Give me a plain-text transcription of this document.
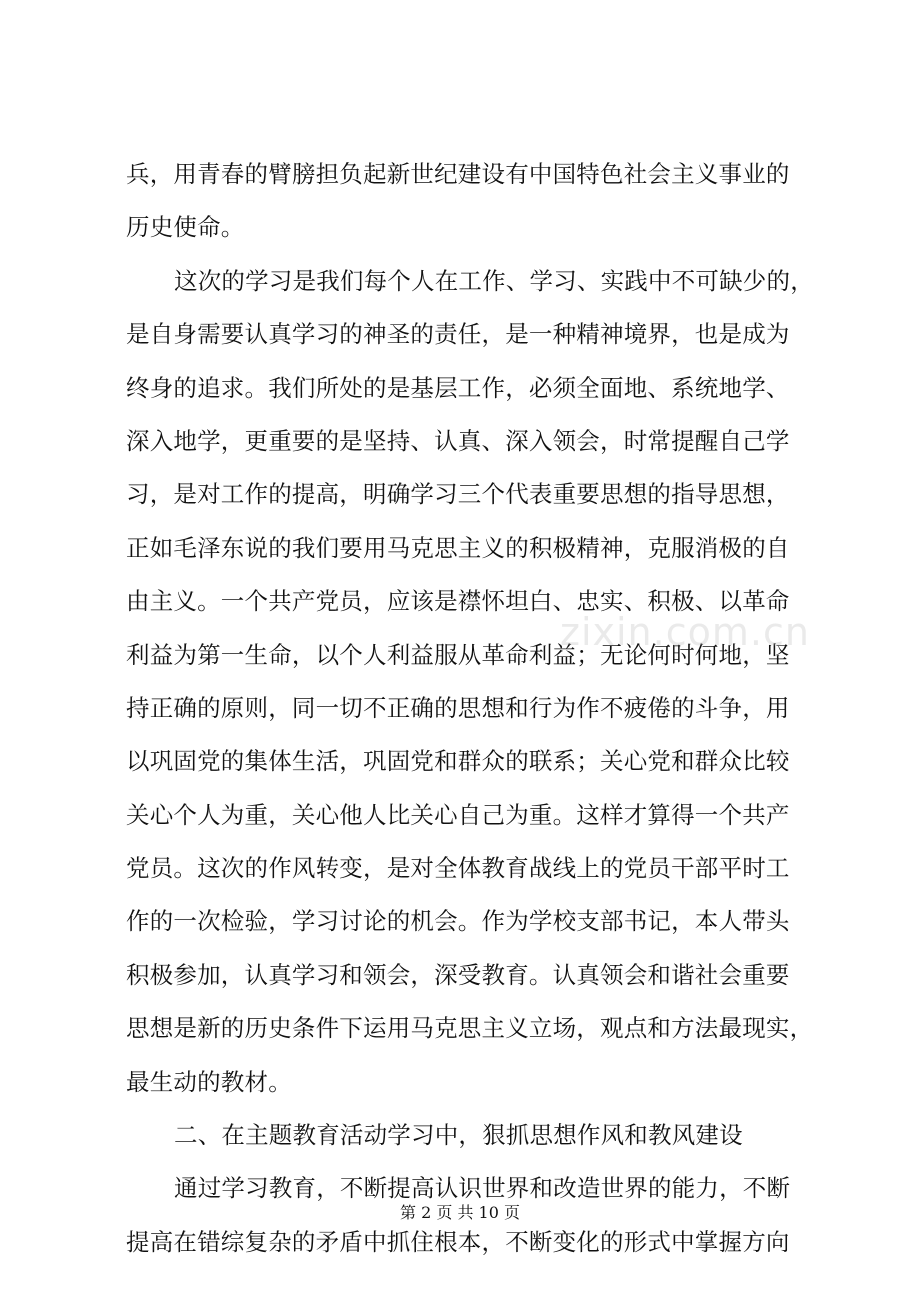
兵，用青春的臂膀担负起新世纪建设有中国特色社会主义事业的
历史使命。
这次的学习是我们每个人在工作、学习、实践中不可缺少的，
是自身需要认真学习的神圣的责任，是一种精神境界，也是成为
终身的追求。我们所处的是基层工作，必须全面地、系统地学、
深入地学，更重要的是坚持、认真、深入领会，时常提醒自己学
习，是对工作的提高，明确学习三个代表重要思想的指导思想，
正如毛泽东说的我们要用马克思主义的积极精神，克服消极的自
由主义。一个共产党员，应该是襟怀坦白、忠实、积极、以革命
利益为第一生命，以个人利益服从革命利益；无论何时何地，坚
持正确的原则，同一切不正确的思想和行为作不疲倦的斗争，用
以巩固党的集体生活，巩固党和群众的联系；关心党和群众比较
关心个人为重，关心他人比关心自己为重。这样才算得一个共产
党员。这次的作风转变，是对全体教育战线上的党员干部平时工
作的一次检验，学习讨论的机会。作为学校支部书记，本人带头
积极参加，认真学习和领会，深受教育。认真领会和谐社会重要
思想是新的历史条件下运用马克思主义立场，观点和方法最现实，
最生动的教材。
二、在主题教育活动学习中，狠抓思想作风和教风建设
通过学习教育，不断提高认识世界和改造世界的能力，不断
提高在错综复杂的矛盾中抓住根本，不断变化的形式中掌握方向
zixin.com.cn
第 2 页 共 10 页
